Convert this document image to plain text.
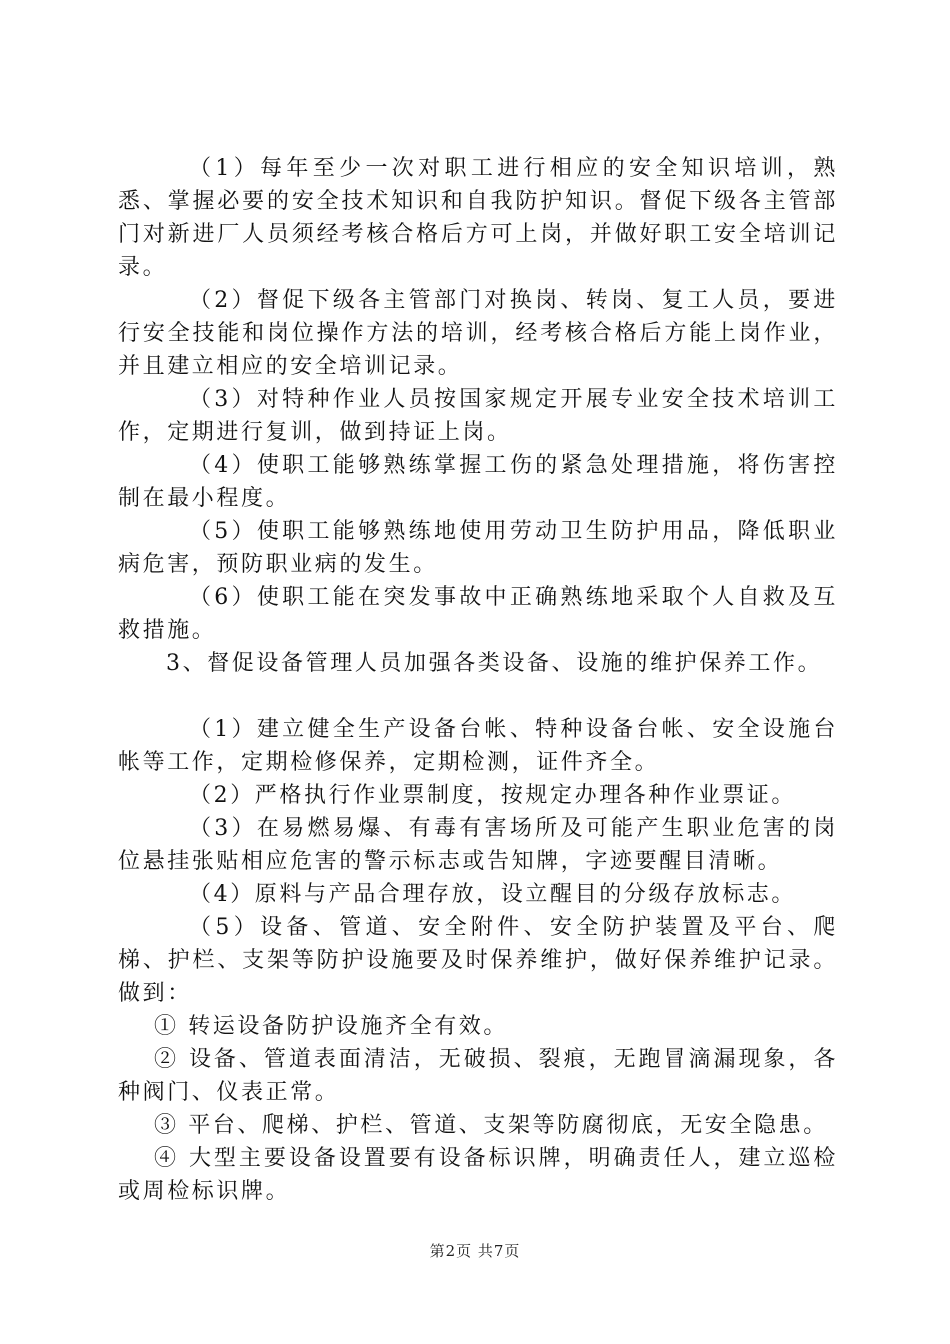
（1）每年至少一次对职工进行相应的安全知识培训，熟悉、掌握必要的安全技术知识和自我防护知识。督促下级各主管部门对新进厂人员须经考核合格后方可上岗，并做好职工安全培训记录。

（2）督促下级各主管部门对换岗、转岗、复工人员，要进行安全技能和岗位操作方法的培训，经考核合格后方能上岗作业，并且建立相应的安全培训记录。

（3）对特种作业人员按国家规定开展专业安全技术培训工作，定期进行复训，做到持证上岗。

（4）使职工能够熟练掌握工伤的紧急处理措施，将伤害控制在最小程度。

（5）使职工能够熟练地使用劳动卫生防护用品，降低职业病危害，预防职业病的发生。

（6）使职工能在突发事故中正确熟练地采取个人自救及互救措施。

3、督促设备管理人员加强各类设备、设施的维护保养工作。

（1）建立健全生产设备台帐、特种设备台帐、安全设施台帐等工作，定期检修保养，定期检测，证件齐全。

（2）严格执行作业票制度，按规定办理各种作业票证。

（3）在易燃易爆、有毒有害场所及可能产生职业危害的岗位悬挂张贴相应危害的警示标志或告知牌，字迹要醒目清晰。

（4）原料与产品合理存放，设立醒目的分级存放标志。

（5）设备、管道、安全附件、安全防护装置及平台、爬梯、护栏、支架等防护设施要及时保养维护，做好保养维护记录。做到：

① 转运设备防护设施齐全有效。

② 设备、管道表面清洁，无破损、裂痕，无跑冒滴漏现象，各种阀门、仪表正常。

③ 平台、爬梯、护栏、管道、支架等防腐彻底，无安全隐患。

④ 大型主要设备设置要有设备标识牌，明确责任人，建立巡检或周检标识牌。

第2页 共7页
